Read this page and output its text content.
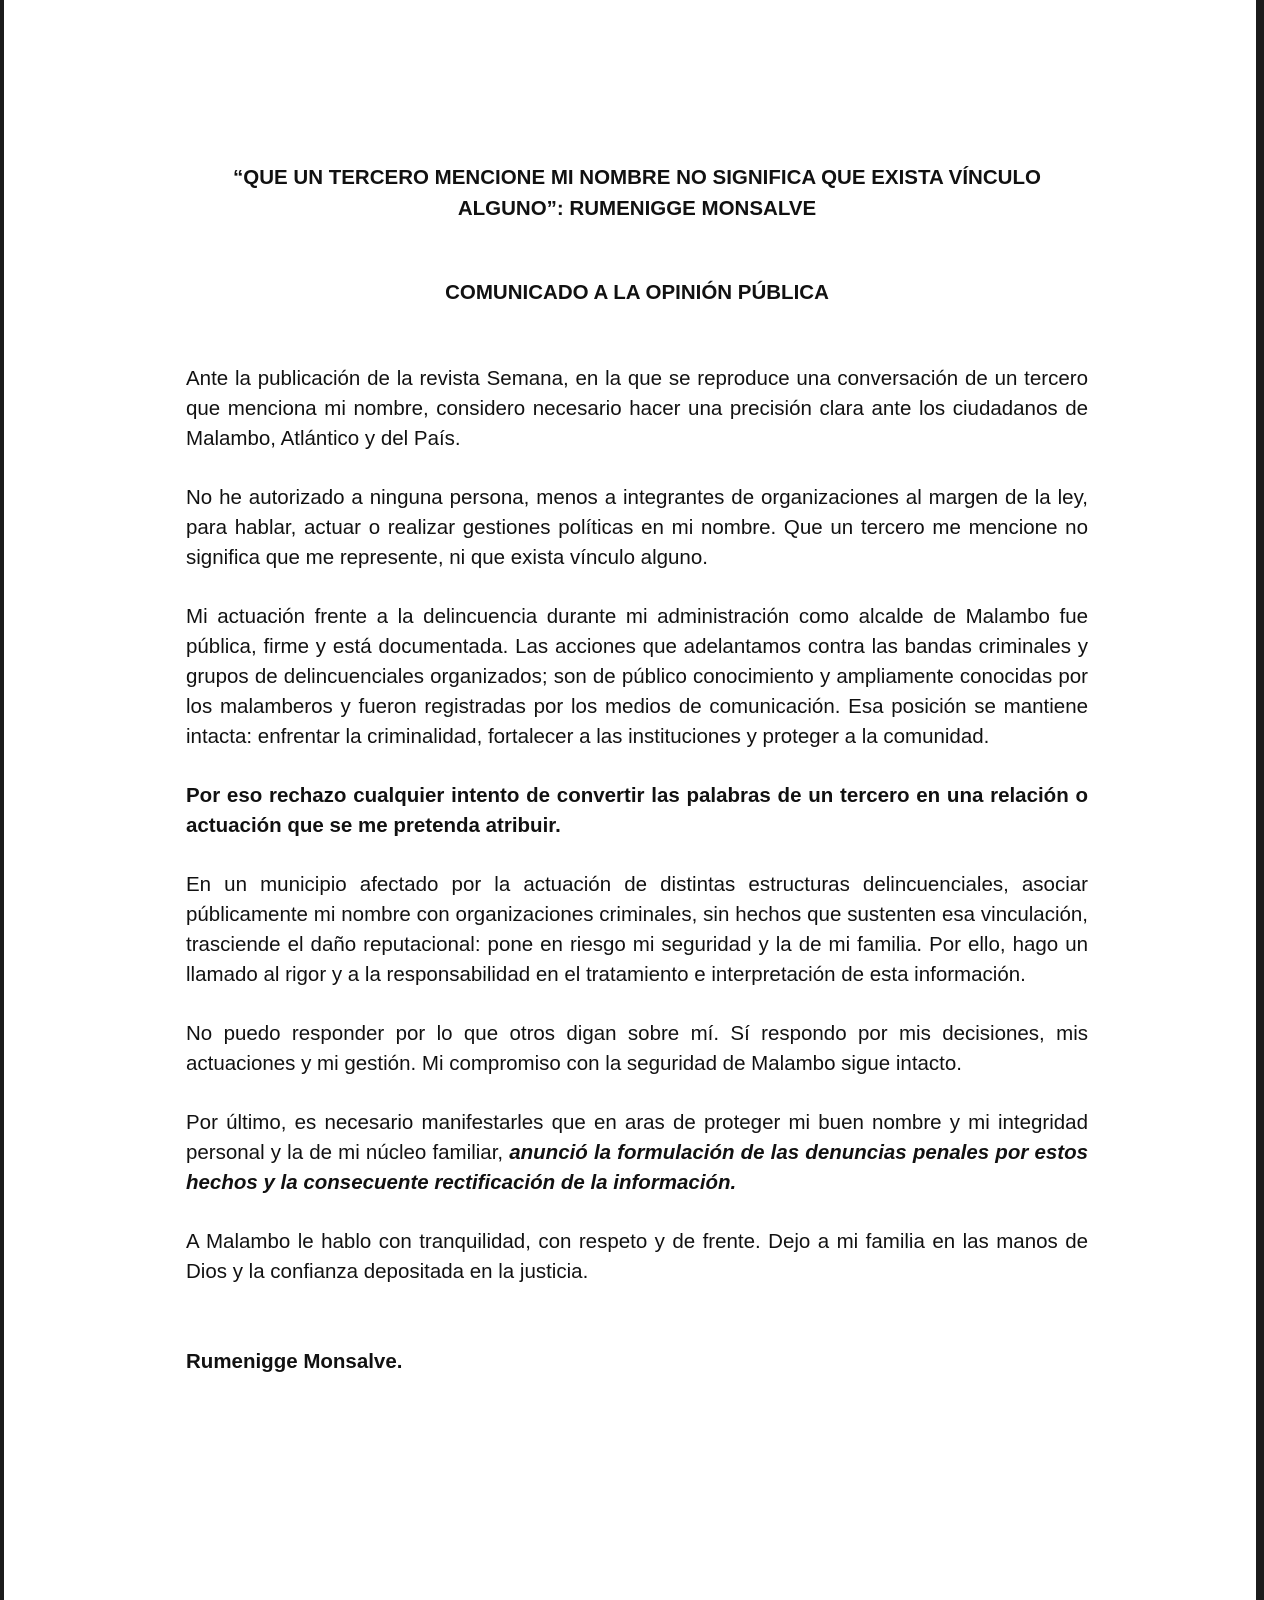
“QUE UN TERCERO MENCIONE MI NOMBRE NO SIGNIFICA QUE EXISTA VÍNCULO ALGUNO”: RUMENIGGE MONSALVE
COMUNICADO A LA OPINIÓN PÚBLICA

Ante la publicación de la revista Semana, en la que se reproduce una conversación de un tercero que menciona mi nombre, considero necesario hacer una precisión clara ante los ciudadanos de Malambo, Atlántico y del País.

No he autorizado a ninguna persona, menos a integrantes de organizaciones al margen de la ley, para hablar, actuar o realizar gestiones políticas en mi nombre. Que un tercero me mencione no significa que me represente, ni que exista vínculo alguno.

Mi actuación frente a la delincuencia durante mi administración como alcalde de Malambo fue pública, firme y está documentada. Las acciones que adelantamos contra las bandas criminales y grupos de delincuenciales organizados; son de público conocimiento y ampliamente conocidas por los malamberos y fueron registradas por los medios de comunicación. Esa posición se mantiene intacta: enfrentar la criminalidad, fortalecer a las instituciones y proteger a la comunidad.

Por eso rechazo cualquier intento de convertir las palabras de un tercero en una relación o actuación que se me pretenda atribuir.

En un municipio afectado por la actuación de distintas estructuras delincuenciales, asociar públicamente mi nombre con organizaciones criminales, sin hechos que sustenten esa vinculación, trasciende el daño reputacional: pone en riesgo mi seguridad y la de mi familia. Por ello, hago un llamado al rigor y a la responsabilidad en el tratamiento e interpretación de esta información.

No puedo responder por lo que otros digan sobre mí. Sí respondo por mis decisiones, mis actuaciones y mi gestión. Mi compromiso con la seguridad de Malambo sigue intacto.

Por último, es necesario manifestarles que en aras de proteger mi buen nombre y mi integridad personal y la de mi núcleo familiar, anunció la formulación de las denuncias penales por estos hechos y la consecuente rectificación de la información.

A Malambo le hablo con tranquilidad, con respeto y de frente. Dejo a mi familia en las manos de Dios y la confianza depositada en la justicia.

Rumenigge Monsalve.
